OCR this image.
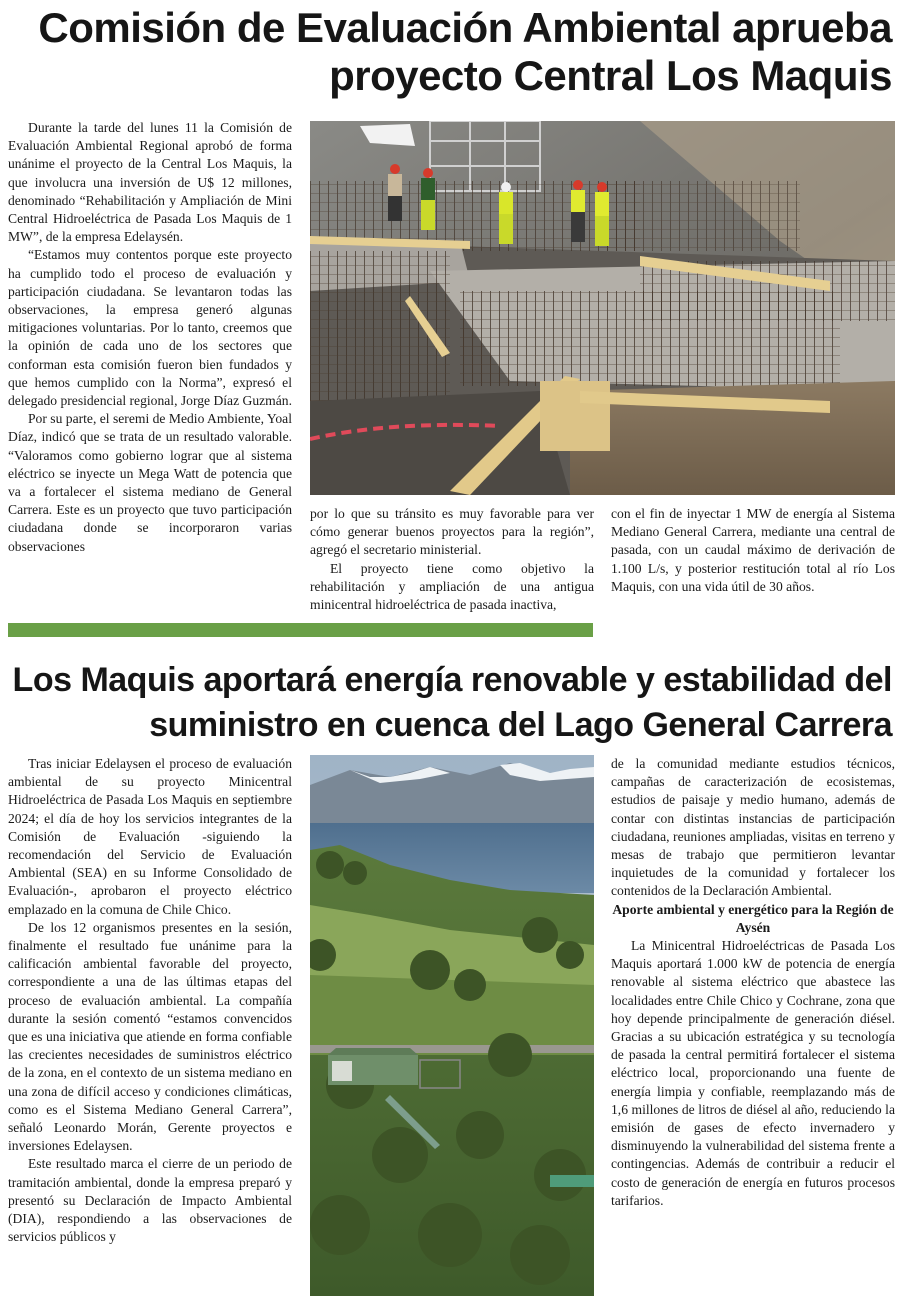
Comisión de Evaluación Ambiental aprueba
proyecto Central Los Maquis

Durante la tarde del lunes 11 la Comisión de Evaluación Ambiental Regional aprobó de forma unánime el proyecto de la Central Los Maquis, la que involucra una inversión de U$ 12 millones, denominado “Rehabilitación y Ampliación de Mini Central Hidroeléctrica de Pasada Los Maquis de 1 MW”, de la empresa Edelaysén.

“Estamos muy contentos porque este proyecto ha cumplido todo el proceso de evaluación y participación ciudadana. Se levantaron todas las observaciones, la empresa generó algunas mitigaciones voluntarias. Por lo tanto, creemos que la opinión de cada uno de los sectores que conforman esta comisión fueron bien fundados y que hemos cumplido con la Norma”, expresó el delegado presidencial regional, Jorge Díaz Guzmán.

Por su parte, el seremi de Medio Ambiente, Yoal Díaz, indicó que se trata de un resultado valorable. “Valoramos como gobierno lograr que al sistema eléctrico se inyecte un Mega Watt de potencia que va a fortalecer el sistema mediano de General Carrera. Este es un proyecto que tuvo participación ciudadana donde se incorporaron varias observaciones

por lo que su tránsito es muy favorable para ver cómo generar buenos proyectos para la región”, agregó el secretario ministerial.

El proyecto tiene como objetivo la rehabilitación y ampliación de una antigua minicentral hidroeléctrica de pasada inactiva,

con el fin de inyectar 1 MW de energía al Sistema Mediano General Carrera, mediante una central de pasada, con un caudal máximo de derivación de 1.100 L/s, y posterior restitución total al río Los Maquis, con una vida útil de 30 años.

Los Maquis aportará energía renovable y estabilidad del
suministro en cuenca del Lago General Carrera

Tras iniciar Edelaysen el proceso de evaluación ambiental de su proyecto Minicentral Hidroeléctrica de Pasada Los Maquis en septiembre 2024; el día de hoy los servicios integrantes de la Comisión de Evaluación -siguiendo la recomendación del Servicio de Evaluación Ambiental (SEA) en su Informe Consolidado de Evaluación-, aprobaron el proyecto eléctrico emplazado en la comuna de Chile Chico.

De los 12 organismos presentes en la sesión, finalmente el resultado fue unánime para la calificación ambiental favorable del proyecto, correspondiente a una de las últimas etapas del proceso de evaluación ambiental. La compañía durante la sesión comentó “estamos convencidos que es una iniciativa que atiende en forma confiable las crecientes necesidades de suministros eléctrico de la zona, en el contexto de un sistema mediano en una zona de difícil acceso y condiciones climáticas, como es el Sistema Mediano General Carrera”, señaló Leonardo Morán, Gerente proyectos e inversiones Edelaysen.

Este resultado marca el cierre de un periodo de tramitación ambiental, donde la empresa preparó y presentó su Declaración de Impacto Ambiental (DIA), respondiendo a las observaciones de servicios públicos y

de la comunidad mediante estudios técnicos, campañas de caracterización de ecosistemas, estudios de paisaje y medio humano, además de contar con distintas instancias de participación ciudadana, reuniones ampliadas, visitas en terreno y mesas de trabajo que permitieron levantar inquietudes de la comunidad y fortalecer los contenidos de la Declaración Ambiental.

Aporte ambiental y energético para la Región de Aysén

La Minicentral Hidroeléctricas de Pasada Los Maquis aportará 1.000 kW de potencia de energía renovable al sistema eléctrico que abastece las localidades entre Chile Chico y Cochrane, zona que hoy depende principalmente de generación diésel. Gracias a su ubicación estratégica y su tecnología de pasada la central permitirá fortalecer el sistema eléctrico local, proporcionando una fuente de energía limpia y confiable, reemplazando más de 1,6 millones de litros de diésel al año, reduciendo la emisión de gases de efecto invernadero y disminuyendo la vulnerabilidad del sistema frente a contingencias. Además de contribuir a reducir el costo de generación de energía en futuros procesos tarifarios.
